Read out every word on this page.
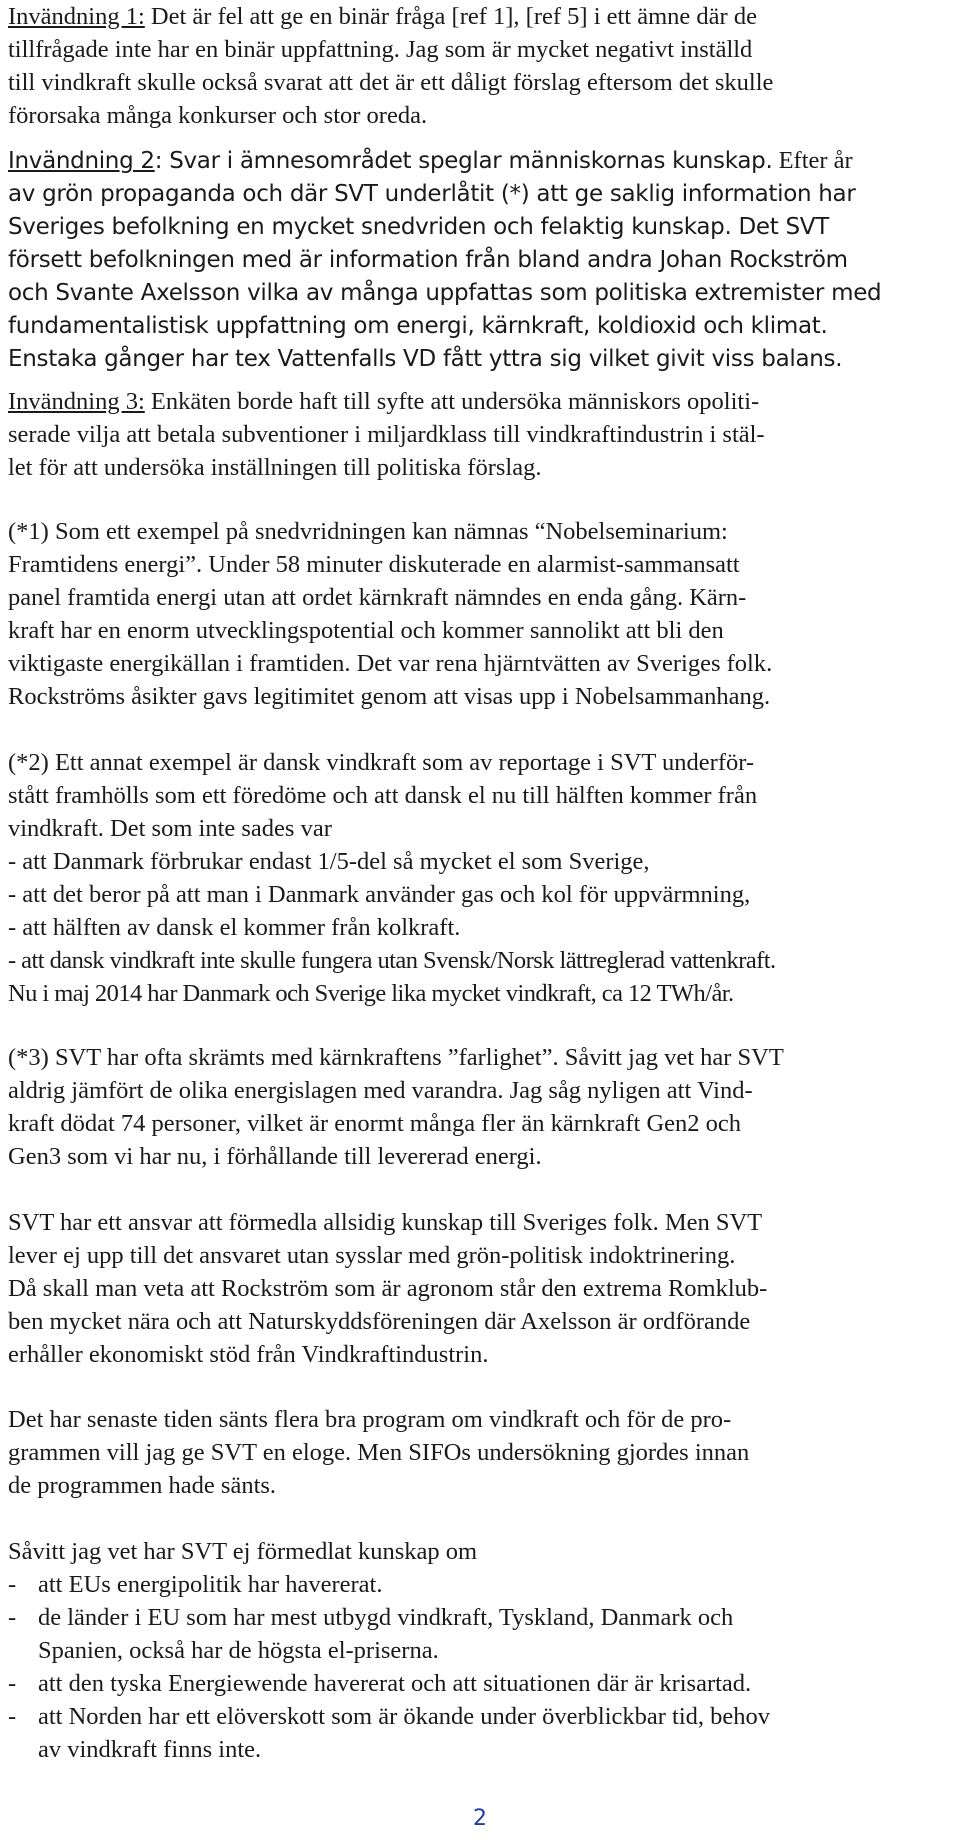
Invändning 1: Det är fel att ge en binär fråga [ref 1], [ref 5] i ett ämne där de

tillfrågade inte har en binär uppfattning. Jag som är mycket negativt inställd

till vindkraft skulle också svarat att det är ett dåligt förslag eftersom det skulle

förorsaka många konkurser och stor oreda.

Invändning 2: Svar i ämnesområdet speglar människornas kunskap. Efter år

av grön propaganda och där SVT underlåtit (*) att ge saklig information har

Sveriges befolkning en mycket snedvriden och felaktig kunskap. Det SVT

försett befolkningen med är information från bland andra Johan Rockström

och Svante Axelsson vilka av många uppfattas som politiska extremister med

fundamentalistisk uppfattning om energi, kärnkraft, koldioxid och klimat.

Enstaka gånger har tex Vattenfalls VD fått yttra sig vilket givit viss balans.

Invändning 3: Enkäten borde haft till syfte att undersöka människors opoliti-

serade vilja att betala subventioner i miljardklass till vindkraftindustrin i stäl-

let för att undersöka inställningen till politiska förslag.

(*1) Som ett exempel på snedvridningen kan nämnas “Nobelseminarium:

Framtidens energi”. Under 58 minuter diskuterade en alarmist-sammansatt

panel framtida energi utan att ordet kärnkraft nämndes en enda gång. Kärn-

kraft har en enorm utvecklingspotential och kommer sannolikt att bli den

viktigaste energikällan i framtiden. Det var rena hjärntvätten av Sveriges folk.

Rockströms åsikter gavs legitimitet genom att visas upp i Nobelsammanhang.

(*2) Ett annat exempel är dansk vindkraft som av reportage i SVT underför-

stått framhölls som ett föredöme och att dansk el nu till hälften kommer från

vindkraft. Det som inte sades var

- att Danmark förbrukar endast 1/5-del så mycket el som Sverige,

- att det beror på att man i Danmark använder gas och kol för uppvärmning,

- att hälften av dansk el kommer från kolkraft.

- att dansk vindkraft inte skulle fungera utan Svensk/Norsk lättreglerad vattenkraft.

Nu i maj 2014 har Danmark och Sverige lika mycket vindkraft, ca 12 TWh/år.

(*3) SVT har ofta skrämts med kärnkraftens ”farlighet”. Såvitt jag vet har SVT

aldrig jämfört de olika energislagen med varandra. Jag såg nyligen att Vind-

kraft dödat 74 personer, vilket är enormt många fler än kärnkraft Gen2 och

Gen3 som vi har nu, i förhållande till levererad energi.

SVT har ett ansvar att förmedla allsidig kunskap till Sveriges folk. Men SVT

lever ej upp till det ansvaret utan sysslar med grön-politisk indoktrinering.

Då skall man veta att Rockström som är agronom står den extrema Romklub-

ben mycket nära och att Naturskyddsföreningen där Axelsson är ordförande

erhåller ekonomiskt stöd från Vindkraftindustrin.

Det har senaste tiden sänts flera bra program om vindkraft och för de pro-

grammen vill jag ge SVT en eloge. Men SIFOs undersökning gjordes innan

de programmen hade sänts.

Såvitt jag vet har SVT ej förmedlat kunskap om

- att EUs energipolitik har havererat.

- de länder i EU som har mest utbygd vindkraft, Tyskland, Danmark och

Spanien, också har de högsta el-priserna.

- att den tyska Energiewende havererat och att situationen där är krisartad.

- att Norden har ett elöverskott som är ökande under överblickbar tid, behov

av vindkraft finns inte.

2
